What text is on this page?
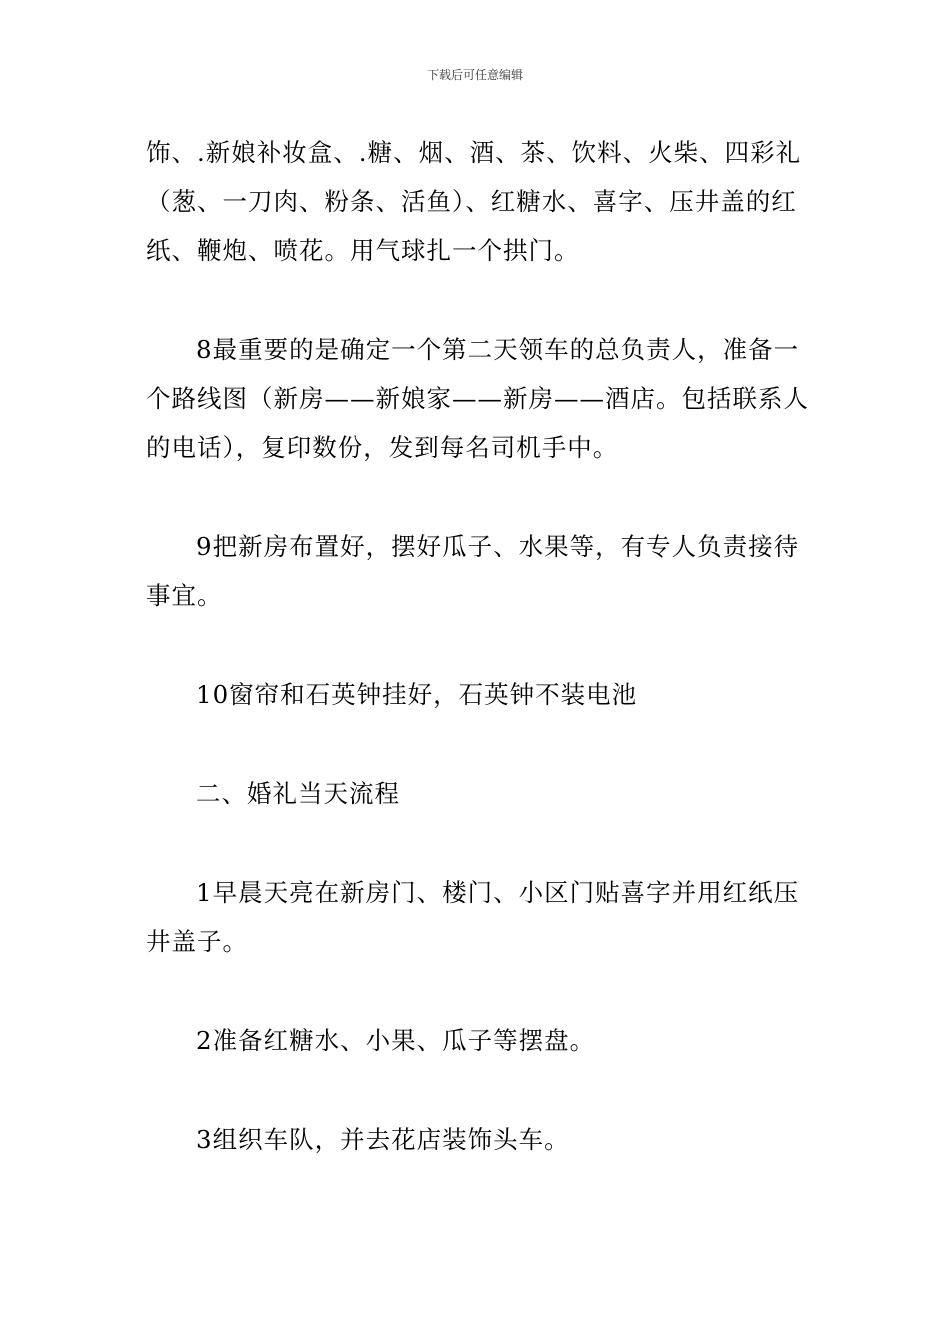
下载后可任意编辑

饰、.新娘补妆盒、.糖、烟、酒、茶、饮料、火柴、四彩礼（葱、一刀肉、粉条、活鱼）、红糖水、喜字、压井盖的红纸、鞭炮、喷花。用气球扎一个拱门。

8最重要的是确定一个第二天领车的总负责人，准备一个路线图（新房——新娘家——新房——酒店。包括联系人的电话），复印数份，发到每名司机手中。

9把新房布置好，摆好瓜子、水果等，有专人负责接待事宜。

10窗帘和石英钟挂好，石英钟不装电池

二、婚礼当天流程

1早晨天亮在新房门、楼门、小区门贴喜字并用红纸压井盖子。

2准备红糖水、小果、瓜子等摆盘。

3组织车队，并去花店装饰头车。
